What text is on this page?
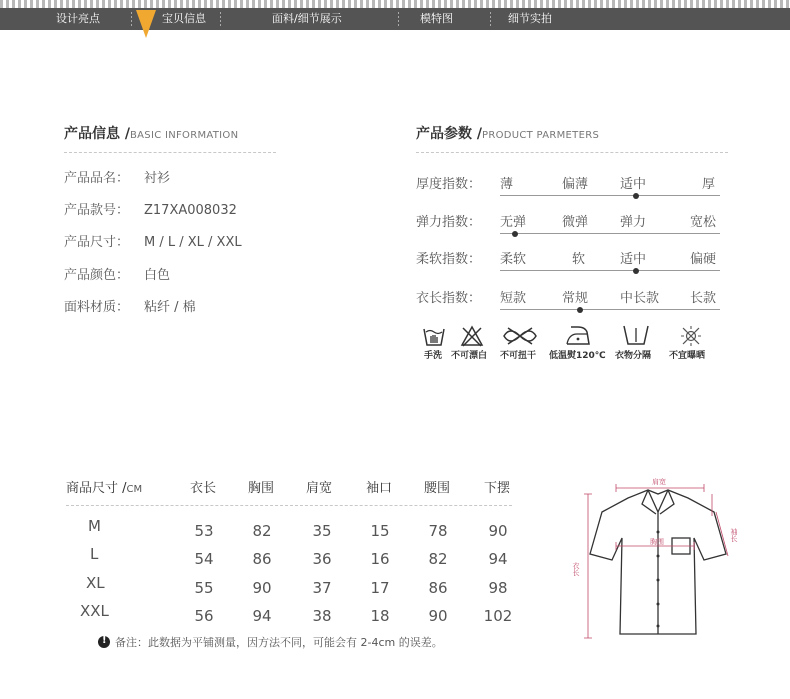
设计亮点	宝贝信息	面料/细节展示	模特图	细节实拍
产品信息 /BASIC INFORMATION
产品品名： 衬衫
产品款号： Z17XA008032
产品尺寸： M / L / XL / XXL
产品颜色： 白色
面料材质： 粘纤 / 棉
产品参数 /PRODUCT PARMETERS
厚度指数： 薄	偏薄 适中	厚
弹力指数： 无弹	微弹 弹力	宽松
柔软指数： 柔软	软	适中	偏硬
衣长指数： 短款	常规 中长款 长款
手洗 不可漂白 不可扭干 低温熨120℃ 衣物分隔 不宜曝晒
商品尺寸 /CM	衣长 胸围 肩宽	袖口 腰围	下摆
M	53	82	35	15	78	90
L	54	86	36	16	82	94
XL	55	90	37	17	86	98
XXL	56	94	38	18	90	102
!
备注：此数据为平铺测量，因方法不同，可能会有 2-4cm 的误差。
肩宽
胸围
衣长
袖长
